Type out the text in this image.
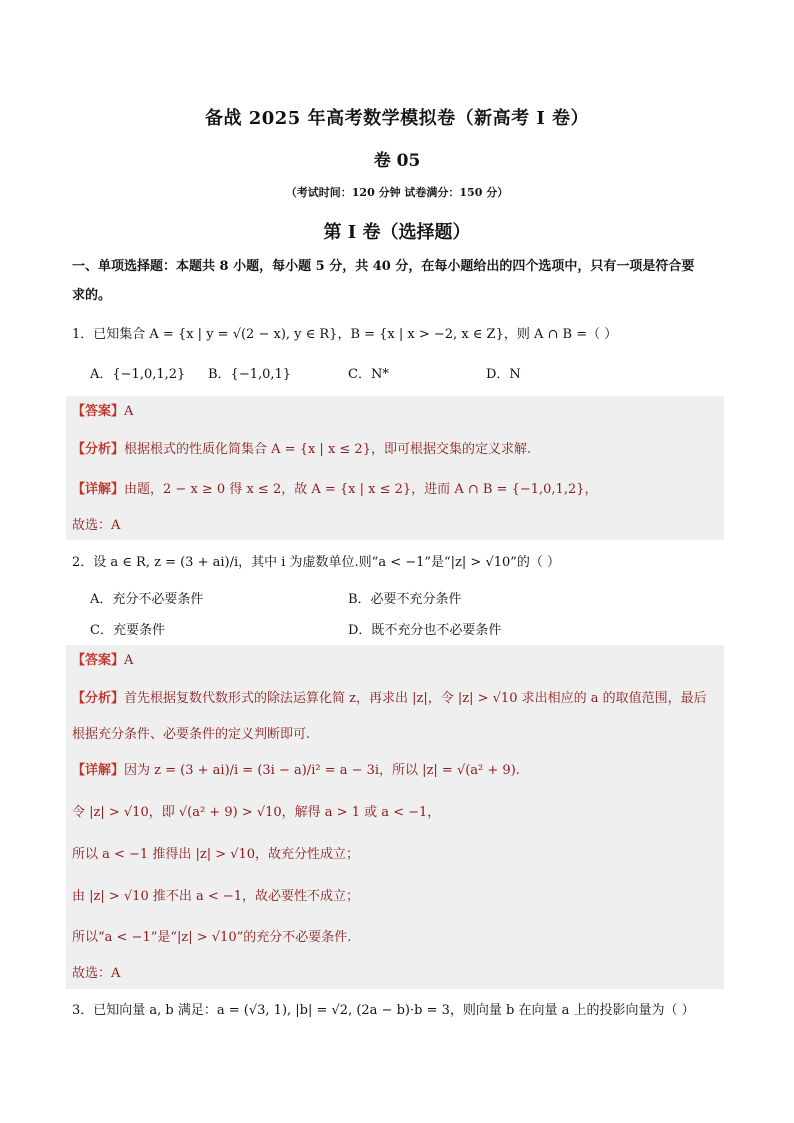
备战 2025 年高考数学模拟卷（新高考 I 卷）
卷 05
（考试时间：120 分钟 试卷满分：150 分）
第 I 卷（选择题）
一、单项选择题：本题共 8 小题，每小题 5 分，共 40 分，在每小题给出的四个选项中，只有一项是符合要
求的。
1．已知集合 A = {x | y = √(2 − x), y ∈ R}，B = {x | x > −2, x ∈ Z}，则 A ∩ B =（ ）
A．{−1,0,1,2} B．{−1,0,1}	C．N*	D．N
【答案】A
【分析】根据根式的性质化简集合 A = {x | x ≤ 2}，即可根据交集的定义求解.
【详解】由题，2 − x ≥ 0 得 x ≤ 2，故 A = {x | x ≤ 2}，进而 A ∩ B = {−1,0,1,2}，
故选：A
2．设 a ∈ R, z = (3 + ai)/i，其中 i 为虚数单位.则“a < −1”是“|z| > √10”的（ ）
A．充分不必要条件	B．必要不充分条件
C．充要条件	D．既不充分也不必要条件
【答案】A
【分析】首先根据复数代数形式的除法运算化简 z，再求出 |z|，令 |z| > √10 求出相应的 a 的取值范围，最后
根据充分条件、必要条件的定义判断即可.
【详解】因为 z = (3 + ai)/i = (3i − a)/i² = a − 3i，所以 |z| = √(a² + 9).
令 |z| > √10，即 √(a² + 9) > √10，解得 a > 1 或 a < −1，
所以 a < −1 推得出 |z| > √10，故充分性成立；
由 |z| > √10 推不出 a < −1，故必要性不成立；
所以“a < −1”是“|z| > √10”的充分不必要条件.
故选：A
3．已知向量 a, b 满足：a = (√3, 1), |b| = √2, (2a − b)·b = 3，则向量 b 在向量 a 上的投影向量为（ ）
